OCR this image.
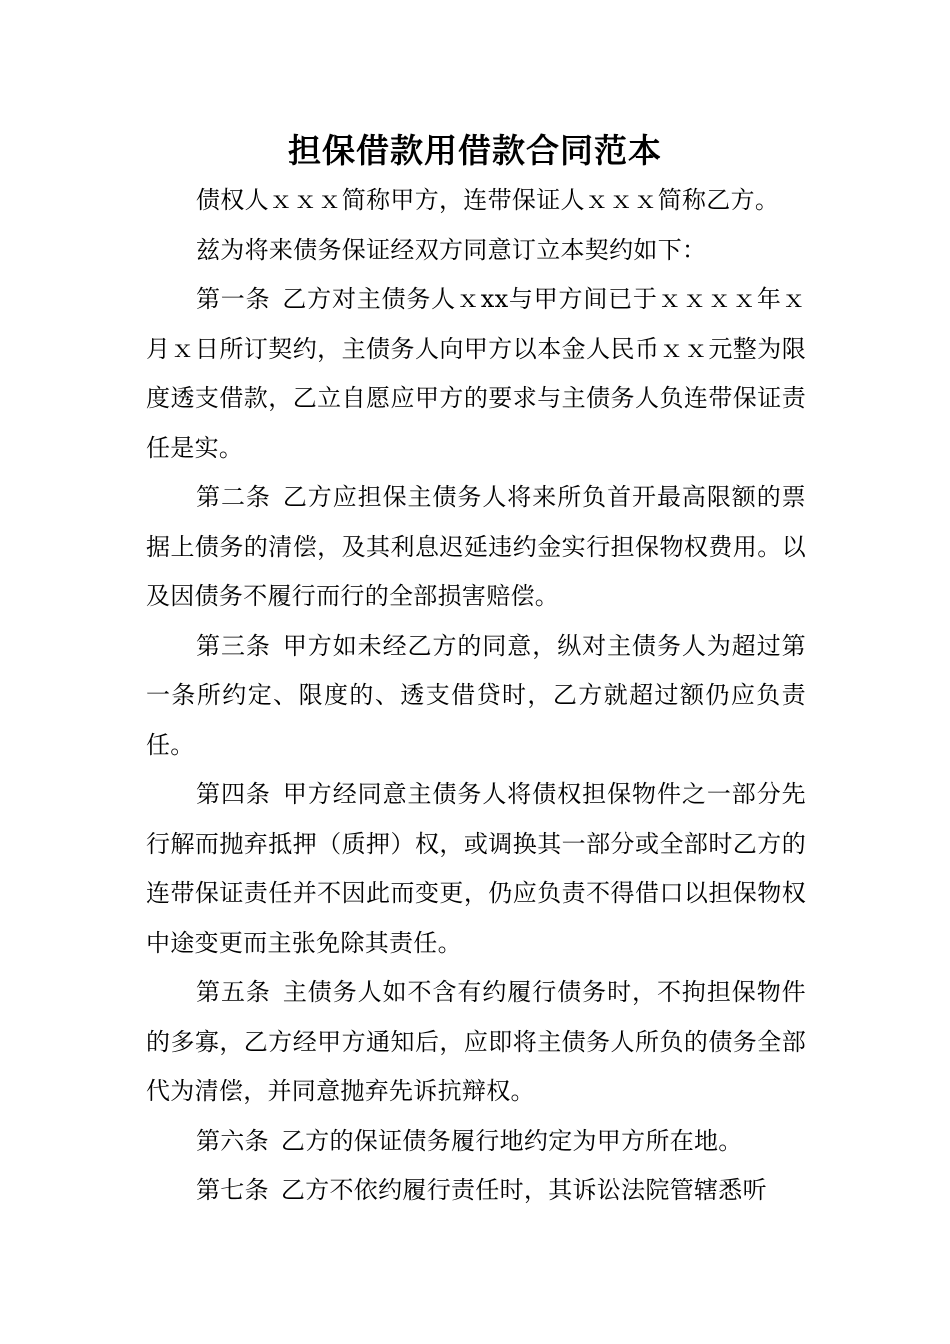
担保借款用借款合同范本

债权人ｘｘｘ简称甲方，连带保证人ｘｘｘ简称乙方。

兹为将来债务保证经双方同意订立本契约如下：

第一条 乙方对主债务人ｘxx与甲方间已于ｘｘｘｘ年ｘ月ｘ日所订契约，主债务人向甲方以本金人民币ｘｘ元整为限度透支借款，乙立自愿应甲方的要求与主债务人负连带保证责任是实。

第二条 乙方应担保主债务人将来所负首开最高限额的票据上债务的清偿，及其利息迟延违约金实行担保物权费用。以及因债务不履行而行的全部损害赔偿。

第三条 甲方如未经乙方的同意，纵对主债务人为超过第一条所约定、限度的、透支借贷时，乙方就超过额仍应负责任。

第四条 甲方经同意主债务人将债权担保物件之一部分先行解而抛弃抵押（质押）权，或调换其一部分或全部时乙方的连带保证责任并不因此而变更，仍应负责不得借口以担保物权中途变更而主张免除其责任。

第五条 主债务人如不含有约履行债务时，不拘担保物件的多寡，乙方经甲方通知后，应即将主债务人所负的债务全部代为清偿，并同意抛弃先诉抗辩权。

第六条 乙方的保证债务履行地约定为甲方所在地。

第七条 乙方不依约履行责任时，其诉讼法院管辖悉听
